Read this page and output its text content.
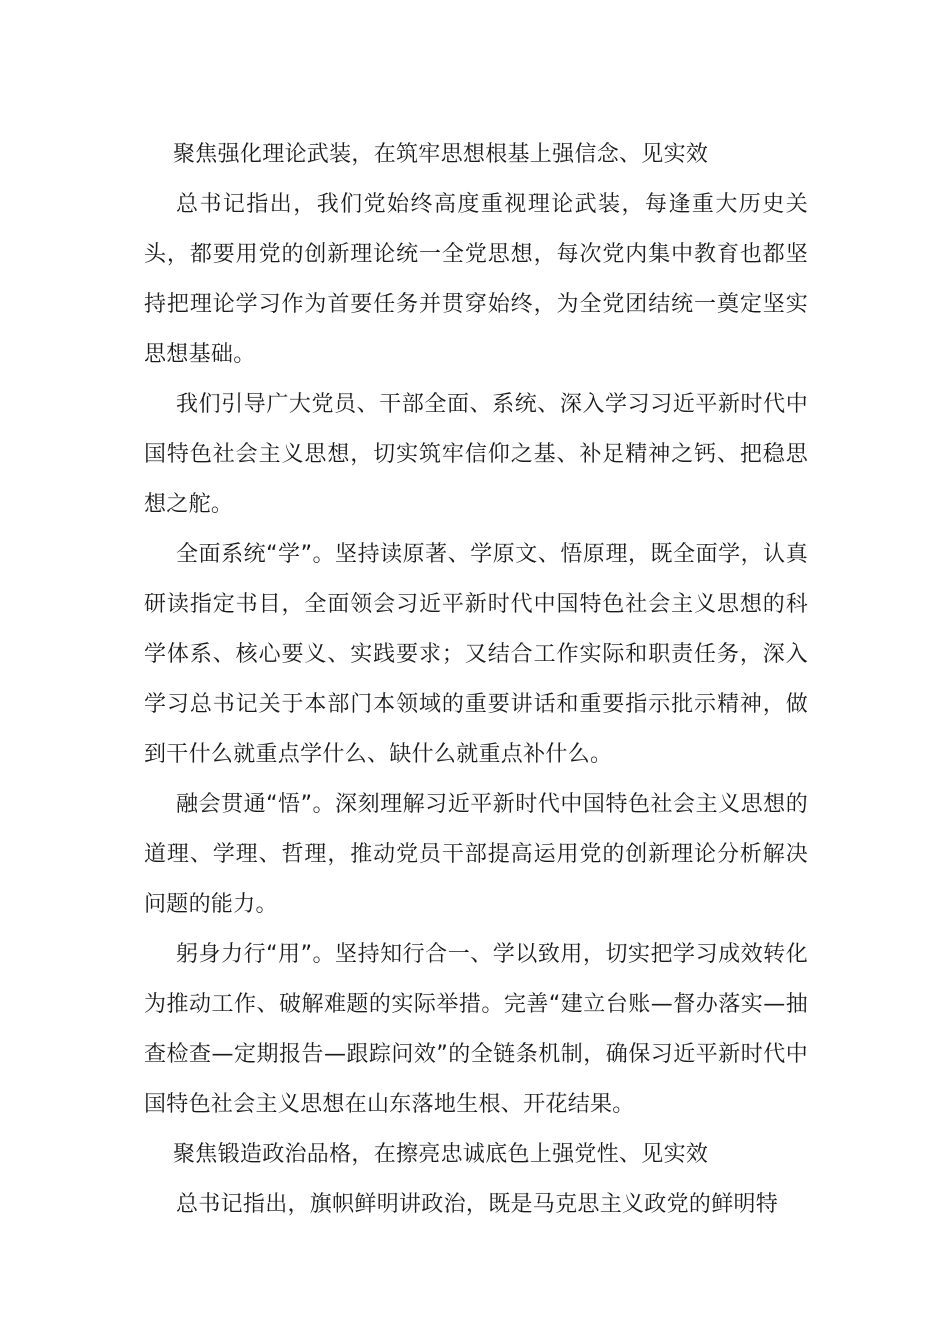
聚焦强化理论武装，在筑牢思想根基上强信念、见实效

总书记指出，我们党始终高度重视理论武装，每逢重大历史关头，都要用党的创新理论统一全党思想，每次党内集中教育也都坚持把理论学习作为首要任务并贯穿始终，为全党团结统一奠定坚实思想基础。

我们引导广大党员、干部全面、系统、深入学习习近平新时代中国特色社会主义思想，切实筑牢信仰之基、补足精神之钙、把稳思想之舵。

全面系统“学”。坚持读原著、学原文、悟原理，既全面学，认真研读指定书目，全面领会习近平新时代中国特色社会主义思想的科学体系、核心要义、实践要求；又结合工作实际和职责任务，深入学习总书记关于本部门本领域的重要讲话和重要指示批示精神，做到干什么就重点学什么、缺什么就重点补什么。

融会贯通“悟”。深刻理解习近平新时代中国特色社会主义思想的道理、学理、哲理，推动党员干部提高运用党的创新理论分析解决问题的能力。

躬身力行“用”。坚持知行合一、学以致用，切实把学习成效转化为推动工作、破解难题的实际举措。完善“建立台账—督办落实—抽查检查—定期报告—跟踪问效”的全链条机制，确保习近平新时代中国特色社会主义思想在山东落地生根、开花结果。

聚焦锻造政治品格，在擦亮忠诚底色上强党性、见实效

总书记指出，旗帜鲜明讲政治，既是马克思主义政党的鲜明特
